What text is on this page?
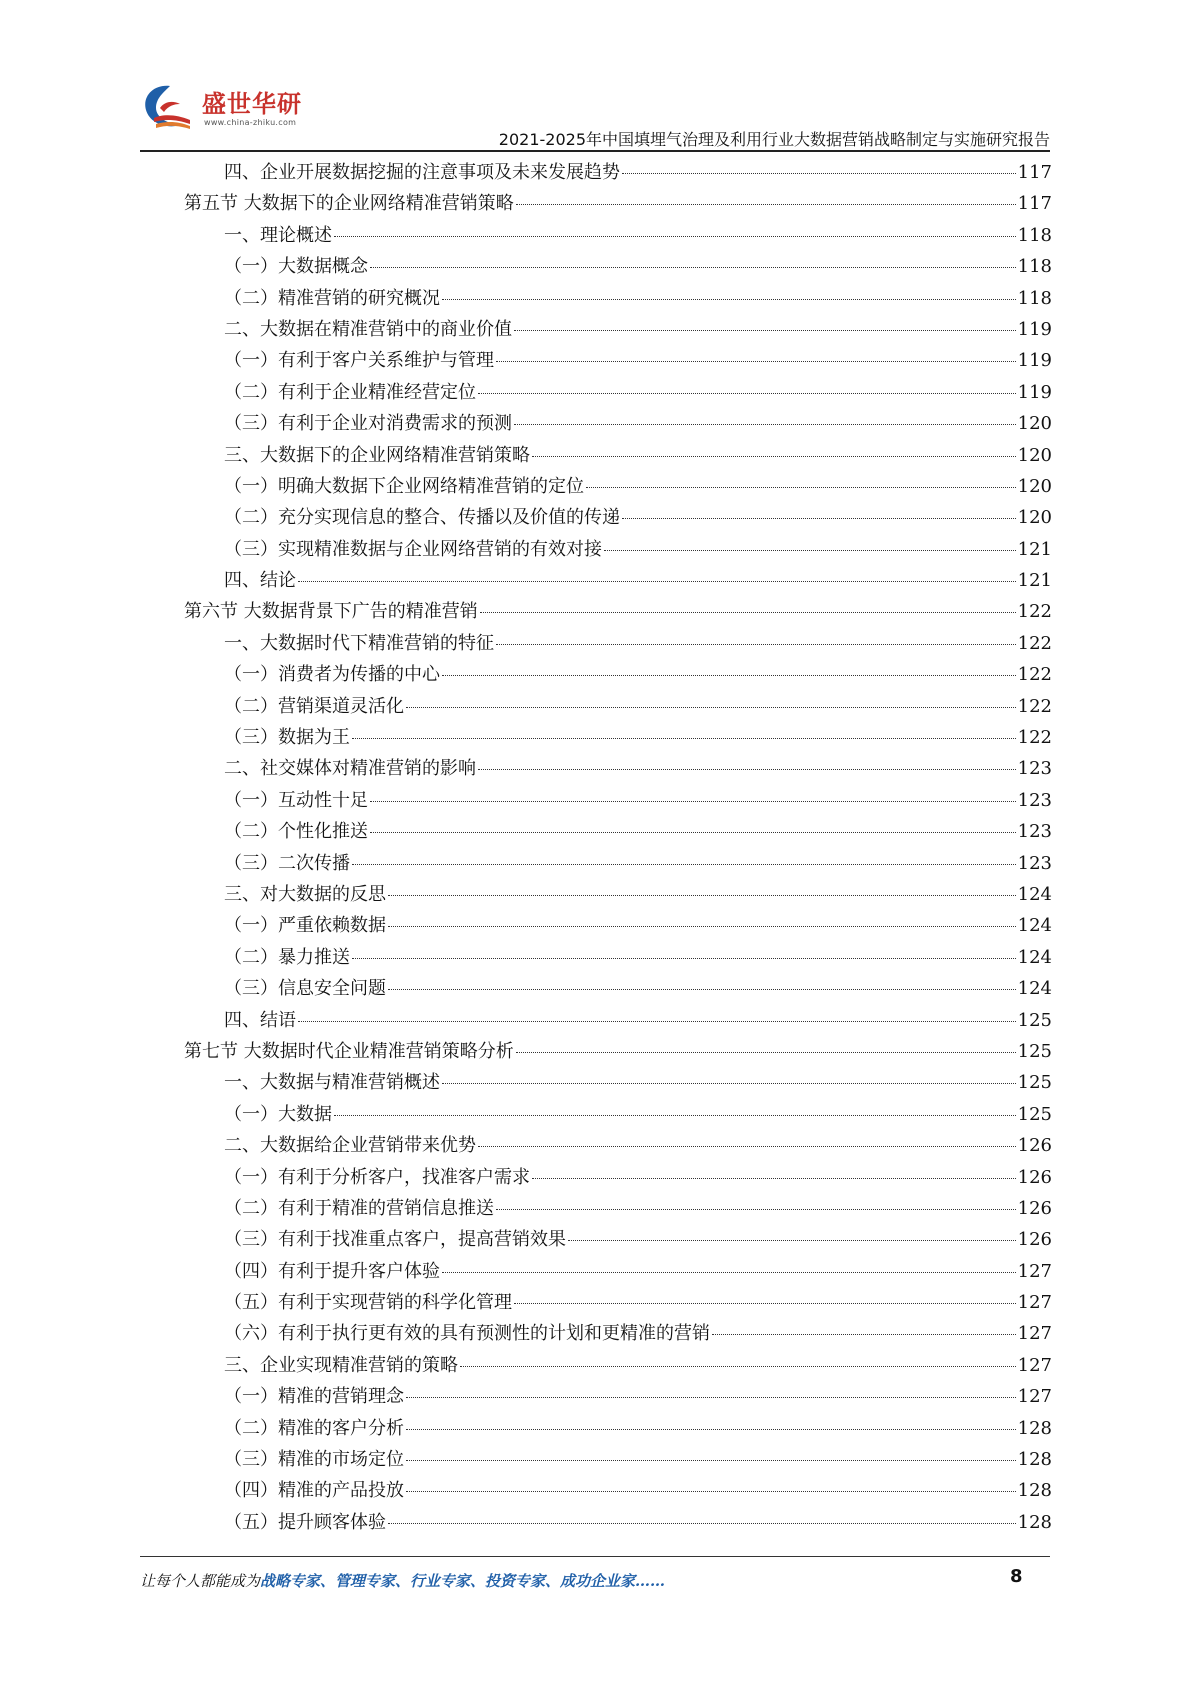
盛世华研
www.china-zhiku.com
2021-2025年中国填埋气治理及利用行业大数据营销战略制定与实施研究报告
四、企业开展数据挖掘的注意事项及未来发展趋势	117
第五节 大数据下的企业网络精准营销策略	117
一、理论概述	118
（一）大数据概念	118
（二）精准营销的研究概况	118
二、大数据在精准营销中的商业价值	119
（一）有利于客户关系维护与管理	119
（二）有利于企业精准经营定位	119
（三）有利于企业对消费需求的预测	120
三、大数据下的企业网络精准营销策略	120
（一）明确大数据下企业网络精准营销的定位	120
（二）充分实现信息的整合、传播以及价值的传递	120
（三）实现精准数据与企业网络营销的有效对接	121
四、结论	121
第六节 大数据背景下广告的精准营销	122
一、大数据时代下精准营销的特征	122
（一）消费者为传播的中心	122
（二）营销渠道灵活化	122
（三）数据为王	122
二、社交媒体对精准营销的影响	123
（一）互动性十足	123
（二）个性化推送	123
（三）二次传播	123
三、对大数据的反思	124
（一）严重依赖数据	124
（二）暴力推送	124
（三）信息安全问题	124
四、结语	125
第七节 大数据时代企业精准营销策略分析	125
一、大数据与精准营销概述	125
（一）大数据	125
二、大数据给企业营销带来优势	126
（一）有利于分析客户，找准客户需求	126
（二）有利于精准的营销信息推送	126
（三）有利于找准重点客户，提高营销效果	126
（四）有利于提升客户体验	127
（五）有利于实现营销的科学化管理	127
（六）有利于执行更有效的具有预测性的计划和更精准的营销	127
三、企业实现精准营销的策略	127
（一）精准的营销理念	127
（二）精准的客户分析	128
（三）精准的市场定位	128
（四）精准的产品投放	128
（五）提升顾客体验	128
让每个人都能成为战略专家、管理专家、行业专家、投资专家、成功企业家……	8
